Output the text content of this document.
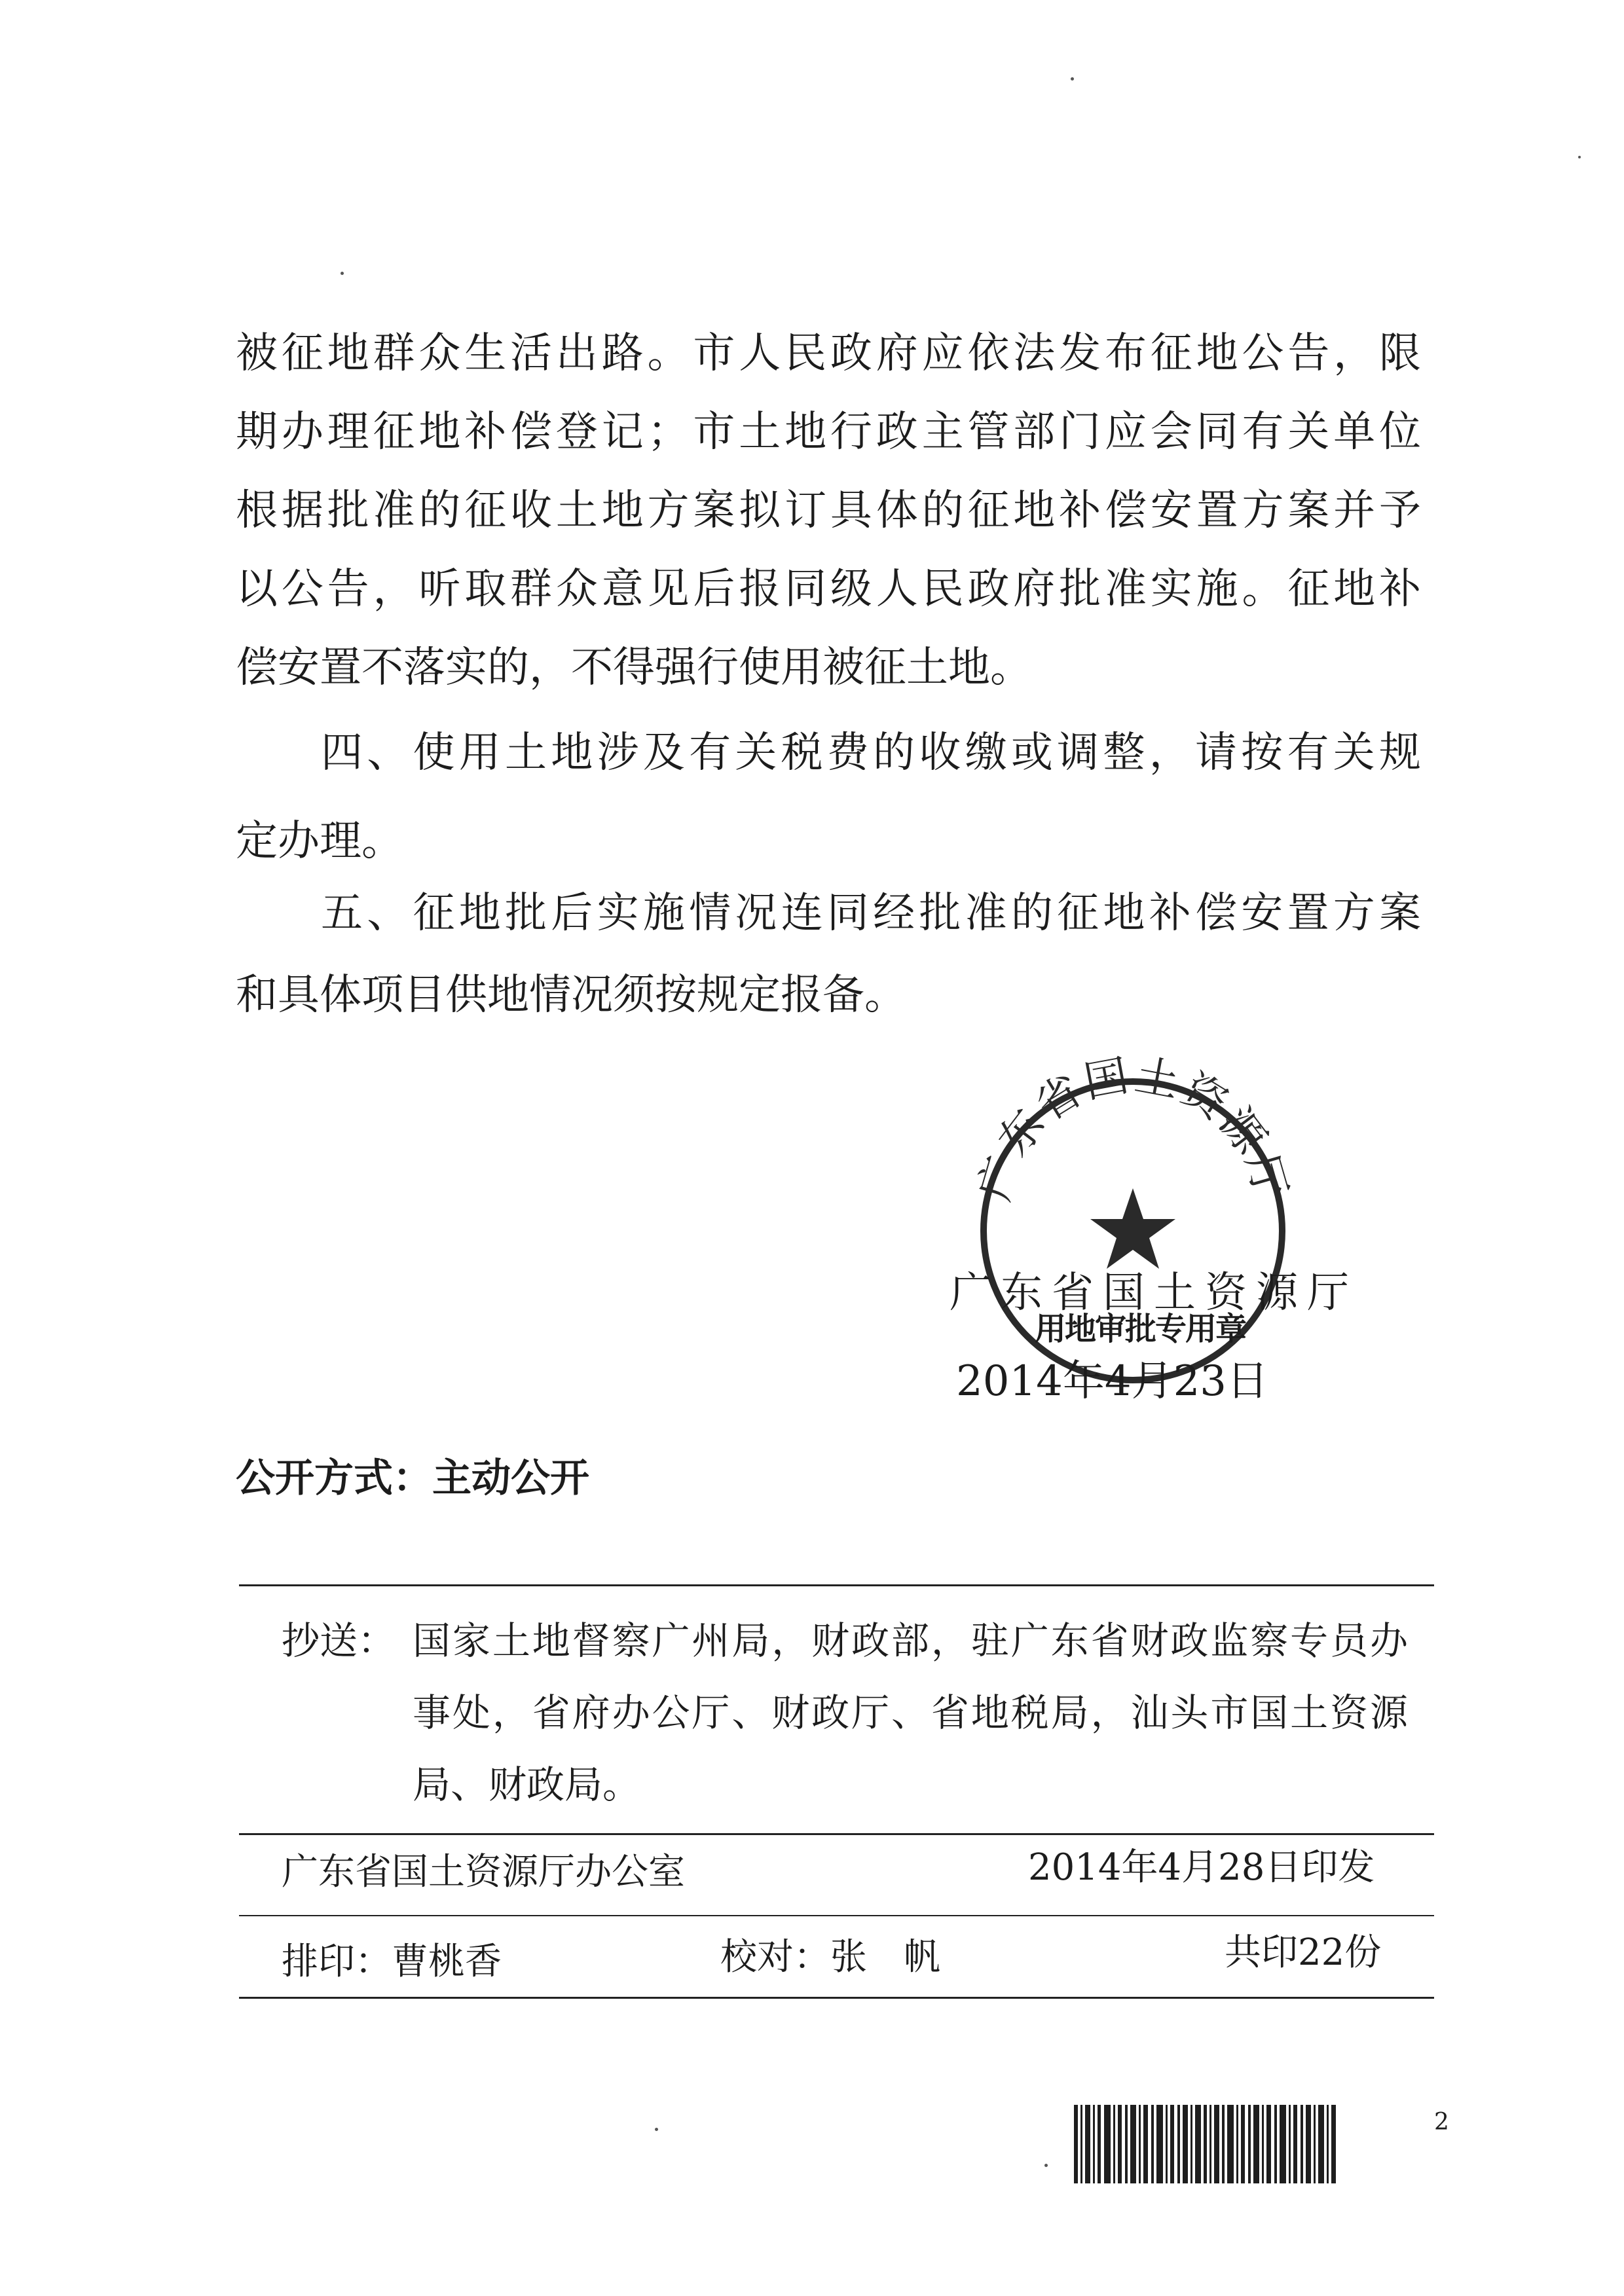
被征地群众生活出路。市人民政府应依法发布征地公告，限
期办理征地补偿登记；市土地行政主管部门应会同有关单位
根据批准的征收土地方案拟订具体的征地补偿安置方案并予
以公告，听取群众意见后报同级人民政府批准实施。征地补
偿安置不落实的，不得强行使用被征土地。
四、使用土地涉及有关税费的收缴或调整，请按有关规
定办理。
五、征地批后实施情况连同经批准的征地补偿安置方案
和具体项目供地情况须按规定报备。
广东省国土资源厅
广东省国土资源厅
用地审批专用章
2014年4月23日
公开方式：主动公开
抄送： 国家土地督察广州局，财政部，驻广东省财政监察专员办
事处，省府办公厅、财政厅、省地税局，汕头市国土资源
局、财政局。
广东省国土资源厅办公室	2014年4月28日印发
排印：曹桃香	校对：张　帆	共印22份
2
